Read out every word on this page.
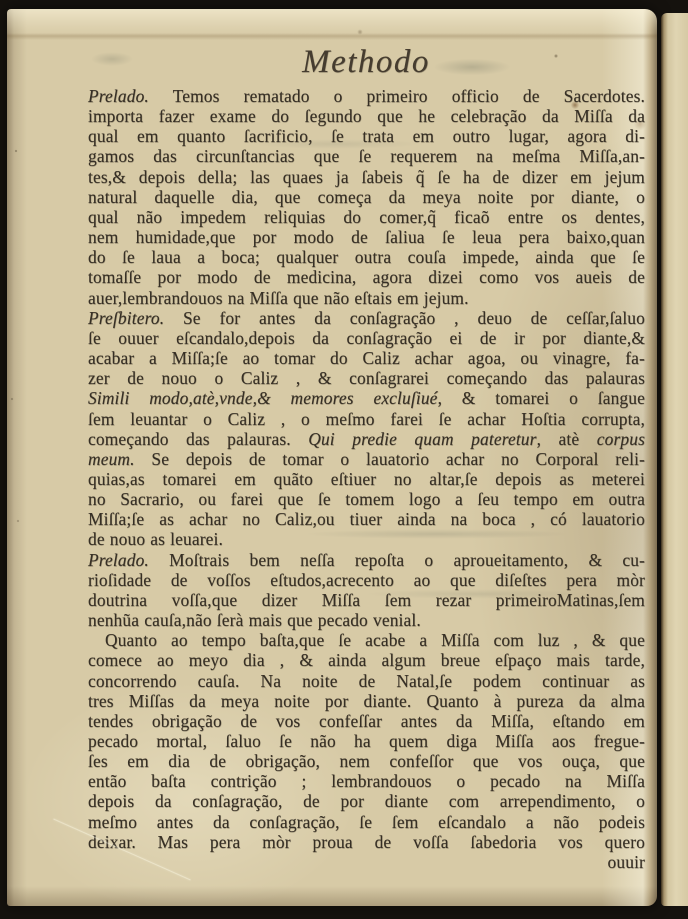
Methodo
Prelado. Temos rematado o primeiro officio de Sacerdotes.
importa fazer exame do ſegundo que he celebração da Miſſa da
qual em quanto ſacrificio, ſe trata em outro lugar, agora di-
gamos das circunſtancias que ſe requerem na meſma Miſſa,an-
tes,& depois della; las quaes ja ſabeis q̃ ſe ha de dizer em jejum
natural daquelle dia, que começa da meya noite por diante, o
qual não impedem reliquias do comer,q̃ ficaõ entre os dentes,
nem humidade,que por modo de ſaliua ſe leua pera baixo,quan
do ſe laua a boca; qualquer outra couſa impede, ainda que ſe
tomaſſe por modo de medicina, agora dizei como vos aueis de
auer,lembrandouos na Miſſa que não eſtais em jejum.
Preſbitero. Se for antes da conſagração , deuo de ceſſar,ſaluo
ſe ouuer eſcandalo,depois da conſagração ei de ir por diante,&
acabar a Miſſa;ſe ao tomar do Caliz achar agoa, ou vinagre, fa-
zer de nouo o Caliz , & conſagrarei começando das palauras
Simili modo,atè,vnde,& memores excluſiué, & tomarei o ſangue
ſem leuantar o Caliz , o meſmo farei ſe achar Hoſtia corrupta,
começando das palauras. Qui predie quam pateretur, atè corpus
meum. Se depois de tomar o lauatorio achar no Corporal reli-
quias,as tomarei em quãto eſtiuer no altar,ſe depois as meterei
no Sacrario, ou farei que ſe tomem logo a ſeu tempo em outra
Miſſa;ſe as achar no Caliz,ou tiuer ainda na boca , có lauatorio
de nouo as leuarei.
Prelado. Moſtrais bem neſſa repoſta o aproueitamento, & cu-
rioſidade de voſſos eſtudos,acrecento ao que diſeſtes pera mòr
doutrina voſſa,que dizer Miſſa ſem rezar primeiroMatinas,ſem
nenhũa cauſa,não ſerà mais que pecado venial.
Quanto ao tempo baſta,que ſe acabe a Miſſa com luz , & que
comece ao meyo dia , & ainda algum breue eſpaço mais tarde,
concorrendo cauſa. Na noite de Natal,ſe podem continuar as
tres Miſſas da meya noite por diante. Quanto à pureza da alma
tendes obrigação de vos confeſſar antes da Miſſa, eſtando em
pecado mortal, ſaluo ſe não ha quem diga Miſſa aos fregue-
ſes em dia de obrigação, nem confeſſor que vos ouça, que
então baſta contrição ; lembrandouos o pecado na Miſſa
depois da conſagração, de por diante com arrependimento, o
meſmo antes da conſagração, ſe ſem eſcandalo a não podeis
deixar. Mas pera mòr proua de voſſa ſabedoria vos quero
ouuir
